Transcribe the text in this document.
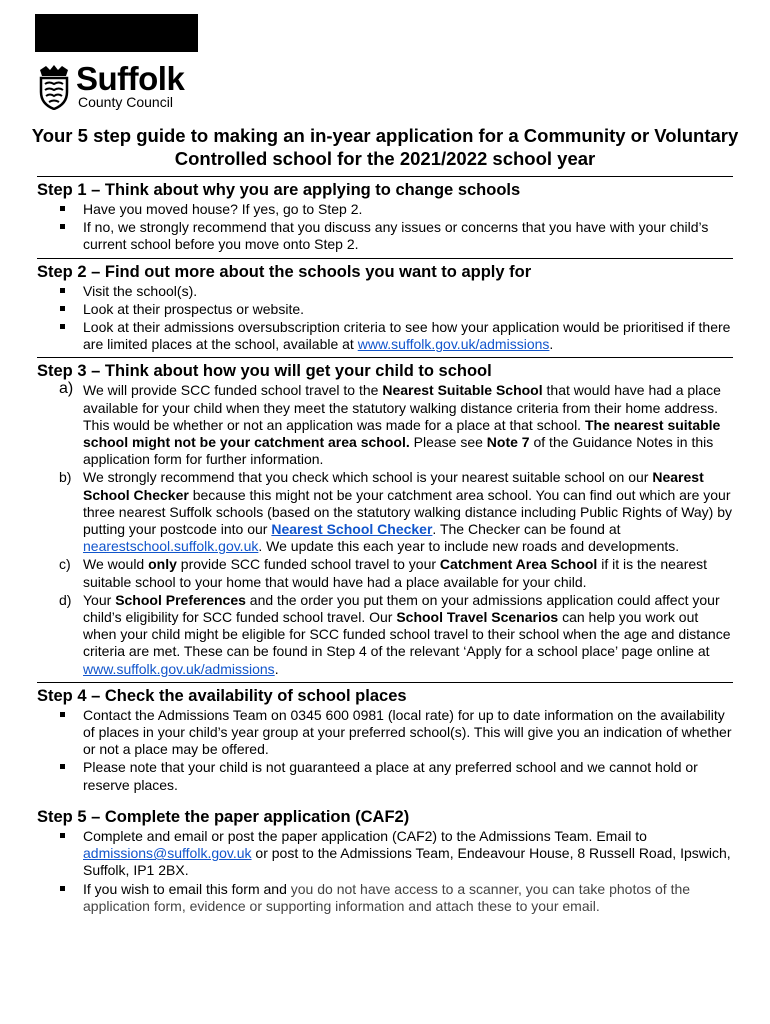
Suffolk
County Council
Your 5 step guide to making an in-year application for a Community or Voluntary Controlled school for the 2021/2022 school year

Step 1 – Think about why you are applying to change schools

Have you moved house? If yes, go to Step 2.
If no, we strongly recommend that you discuss any issues or concerns that you have with your child’s current school before you move onto Step 2.

Step 2 – Find out more about the schools you want to apply for

Visit the school(s).
Look at their prospectus or website.
Look at their admissions oversubscription criteria to see how your application would be prioritised if there are limited places at the school, available at www.suffolk.gov.uk/admissions.

Step 3 – Think about how you will get your child to school

a) We will provide SCC funded school travel to the Nearest Suitable School that would have had a place available for your child when they meet the statutory walking distance criteria from their home address. This would be whether or not an application was made for a place at that school. The nearest suitable school might not be your catchment area school. Please see Note 7 of the Guidance Notes in this application form for further information.
b) We strongly recommend that you check which school is your nearest suitable school on our Nearest School Checker because this might not be your catchment area school. You can find out which are your three nearest Suffolk schools (based on the statutory walking distance including Public Rights of Way) by putting your postcode into our Nearest School Checker. The Checker can be found at nearestschool.suffolk.gov.uk. We update this each year to include new roads and developments.
c) We would only provide SCC funded school travel to your Catchment Area School if it is the nearest suitable school to your home that would have had a place available for your child.
d) Your School Preferences and the order you put them on your admissions application could affect your child’s eligibility for SCC funded school travel. Our School Travel Scenarios can help you work out when your child might be eligible for SCC funded school travel to their school when the age and distance criteria are met. These can be found in Step 4 of the relevant ‘Apply for a school place’ page online at www.suffolk.gov.uk/admissions.

Step 4 – Check the availability of school places

Contact the Admissions Team on 0345 600 0981 (local rate) for up to date information on the availability of places in your child’s year group at your preferred school(s). This will give you an indication of whether or not a place may be offered.
Please note that your child is not guaranteed a place at any preferred school and we cannot hold or reserve places.

Step 5 – Complete the paper application (CAF2)

Complete and email or post the paper application (CAF2) to the Admissions Team. Email to admissions@suffolk.gov.uk or post to the Admissions Team, Endeavour House, 8 Russell Road, Ipswich, Suffolk, IP1 2BX.
If you wish to email this form and you do not have access to a scanner, you can take photos of the application form, evidence or supporting information and attach these to your email.
